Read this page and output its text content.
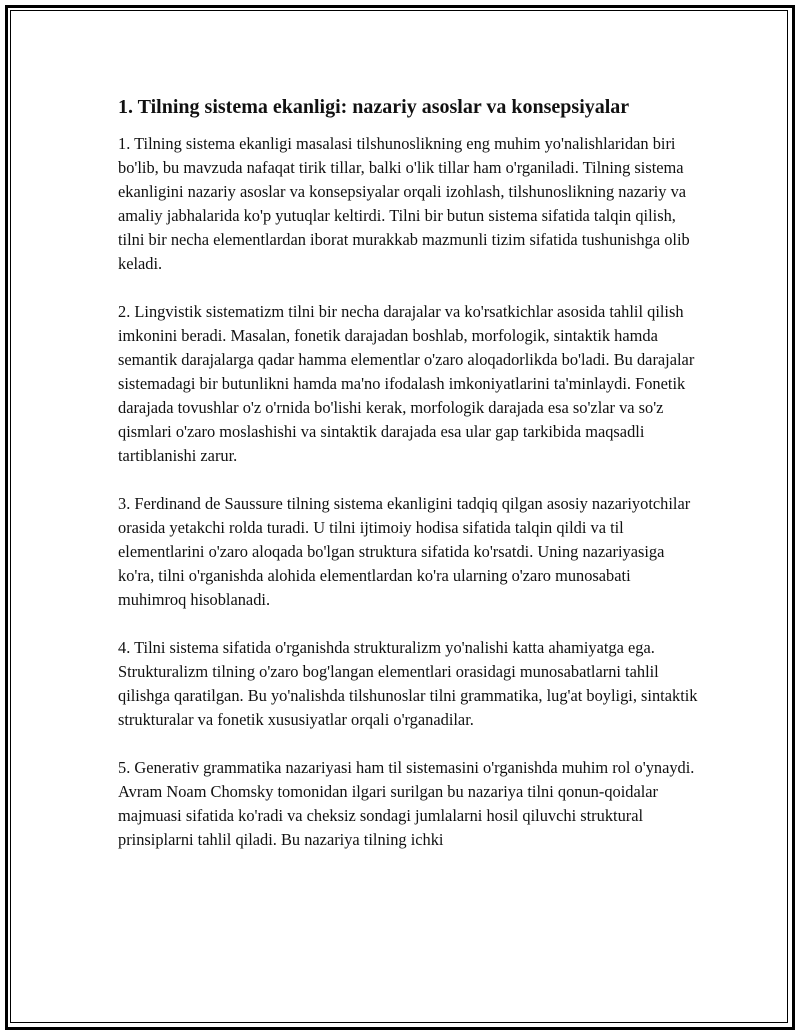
1. Tilning sistema ekanligi: nazariy asoslar va konsepsiyalar

1. Tilning sistema ekanligi masalasi tilshunoslikning eng muhim yo'nalishlaridan biri bo'lib, bu mavzuda nafaqat tirik tillar, balki o'lik tillar ham o'rganiladi. Tilning sistema ekanligini nazariy asoslar va konsepsiyalar orqali izohlash, tilshunoslikning nazariy va amaliy jabhalarida ko'p yutuqlar keltirdi. Tilni bir butun sistema sifatida talqin qilish, tilni bir necha elementlardan iborat murakkab mazmunli tizim sifatida tushunishga olib keladi.

2. Lingvistik sistematizm tilni bir necha darajalar va ko'rsatkichlar asosida tahlil qilish imkonini beradi. Masalan, fonetik darajadan boshlab, morfologik, sintaktik hamda semantik darajalarga qadar hamma elementlar o'zaro aloqadorlikda bo'ladi. Bu darajalar sistemadagi bir butunlikni hamda ma'no ifodalash imkoniyatlarini ta'minlaydi. Fonetik darajada tovushlar o'z o'rnida bo'lishi kerak, morfologik darajada esa so'zlar va so'z qismlari o'zaro moslashishi va sintaktik darajada esa ular gap tarkibida maqsadli tartiblanishi zarur.

3. Ferdinand de Saussure tilning sistema ekanligini tadqiq qilgan asosiy nazariyotchilar orasida yetakchi rolda turadi. U tilni ijtimoiy hodisa sifatida talqin qildi va til elementlarini o'zaro aloqada bo'lgan struktura sifatida ko'rsatdi. Uning nazariyasiga ko'ra, tilni o'rganishda alohida elementlardan ko'ra ularning o'zaro munosabati muhimroq hisoblanadi.

4. Tilni sistema sifatida o'rganishda strukturalizm yo'nalishi katta ahamiyatga ega. Strukturalizm tilning o'zaro bog'langan elementlari orasidagi munosabatlarni tahlil qilishga qaratilgan. Bu yo'nalishda tilshunoslar tilni grammatika, lug'at boyligi, sintaktik strukturalar va fonetik xususiyatlar orqali o'rganadilar.

5. Generativ grammatika nazariyasi ham til sistemasini o'rganishda muhim rol o'ynaydi. Avram Noam Chomsky tomonidan ilgari surilgan bu nazariya tilni qonun-qoidalar majmuasi sifatida ko'radi va cheksiz sondagi jumlalarni hosil qiluvchi struktural prinsiplarni tahlil qiladi. Bu nazariya tilning ichki
